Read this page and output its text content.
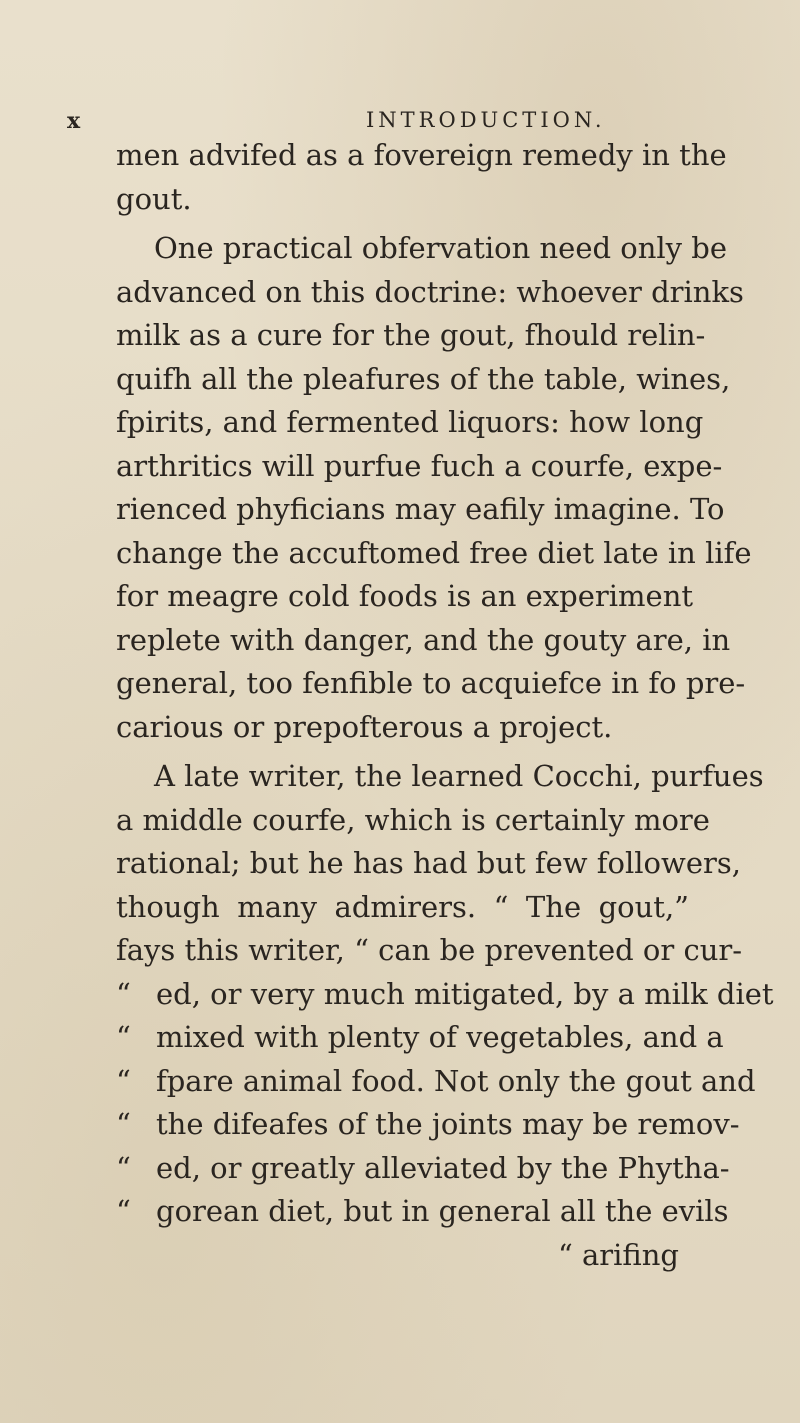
x	INTRODUCTION.
men advifed as a fovereign remedy in the
gout.
One practical obfervation need only be
advanced on this doctrine: whoever drinks
milk as a cure for the gout, fhould relin-
quifh all the pleafures of the table, wines,
fpirits, and fermented liquors: how long
arthritics will purfue fuch a courfe, expe-
rienced phyficians may eafily imagine. To
change the accuftomed free diet late in life
for meagre cold foods is an experiment
replete with danger, and the gouty are, in
general, too fenfible to acquiefce in fo pre-
carious or prepofterous a project.
A late writer, the learned Cocchi, purfues
a middle courfe, which is certainly more
rational; but he has had but few followers,
though many admirers. “ The gout,”
fays this writer, “ can be prevented or cur-
“ ed, or very much mitigated, by a milk diet
“ mixed with plenty of vegetables, and a
“ fpare animal food. Not only the gout and
“ the difeafes of the joints may be remov-
“ ed, or greatly alleviated by the Phytha-
“ gorean diet, but in general all the evils
“ arifing
